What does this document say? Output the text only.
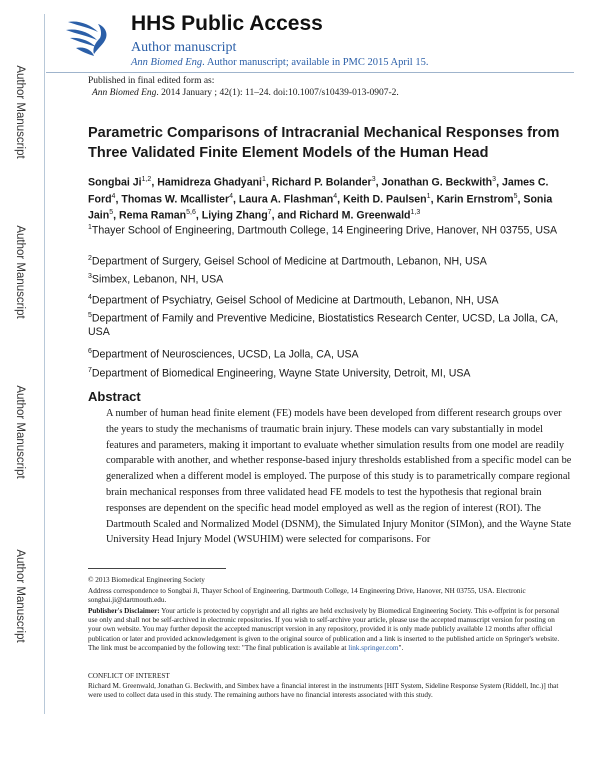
Author Manuscript
Author Manuscript
Author Manuscript
Author Manuscript
HHS Public Access
Author manuscript
Ann Biomed Eng. Author manuscript; available in PMC 2015 April 15.
Published in final edited form as:
Ann Biomed Eng. 2014 January ; 42(1): 11–24. doi:10.1007/s10439-013-0907-2.
Parametric Comparisons of Intracranial Mechanical Responses from Three Validated Finite Element Models of the Human Head
Songbai Ji$^{1,2}$, Hamidreza Ghadyani$^1$, Richard P. Bolander$^3$, Jonathan G. Beckwith$^3$, James C. Ford$^4$, Thomas W. Mcallister$^4$, Laura A. Flashman$^4$, Keith D. Paulsen$^1$, Karin Ernstrom$^5$, Sonia Jain$^5$, Rema Raman$^{5,6}$, Liying Zhang$^7$, and Richard M. Greenwald$^{1,3}$
$^1$Thayer School of Engineering, Dartmouth College, 14 Engineering Drive, Hanover, NH 03755, USA
$^2$Department of Surgery, Geisel School of Medicine at Dartmouth, Lebanon, NH, USA
$^3$Simbex, Lebanon, NH, USA
$^4$Department of Psychiatry, Geisel School of Medicine at Dartmouth, Lebanon, NH, USA
$^5$Department of Family and Preventive Medicine, Biostatistics Research Center, UCSD, La Jolla, CA, USA
$^6$Department of Neurosciences, UCSD, La Jolla, CA, USA
$^7$Department of Biomedical Engineering, Wayne State University, Detroit, MI, USA
Abstract
A number of human head finite element (FE) models have been developed from different research groups over the years to study the mechanisms of traumatic brain injury. These models can vary substantially in model features and parameters, making it important to evaluate whether simulation results from one model are readily comparable with another, and whether response-based injury thresholds established from a specific model can be generalized when a different model is employed. The purpose of this study is to parametrically compare regional brain mechanical responses from three validated head FE models to test the hypothesis that regional brain responses are dependent on the specific head model employed as well as the region of interest (ROI). The Dartmouth Scaled and Normalized Model (DSNM), the Simulated Injury Monitor (SIMon), and the Wayne State University Head Injury Model (WSUHIM) were selected for comparisons. For
© 2013 Biomedical Engineering Society
Address correspondence to Songbai Ji, Thayer School of Engineering, Dartmouth College, 14 Engineering Drive, Hanover, NH 03755, USA. Electronic songbai.ji@dartmouth.edu.
Publisher's Disclaimer: Your article is protected by copyright and all rights are held exclusively by Biomedical Engineering Society. This e-offprint is for personal use only and shall not be self-archived in electronic repositories. If you wish to self-archive your article, please use the accepted manuscript version for posting on your own website. You may further deposit the accepted manuscript version in any repository, provided it is only made publicly available 12 months after official publication or later and provided acknowledgement is given to the original source of publication and a link is inserted to the published article on Springer's website. The link must be accompanied by the following text: "The final publication is available at link.springer.com".
CONFLICT OF INTEREST
Richard M. Greenwald, Jonathan G. Beckwith, and Simbex have a financial interest in the instruments [HIT System, Sideline Response System (Riddell, Inc.)] that were used to collect data used in this study. The remaining authors have no financial interests associated with this study.
